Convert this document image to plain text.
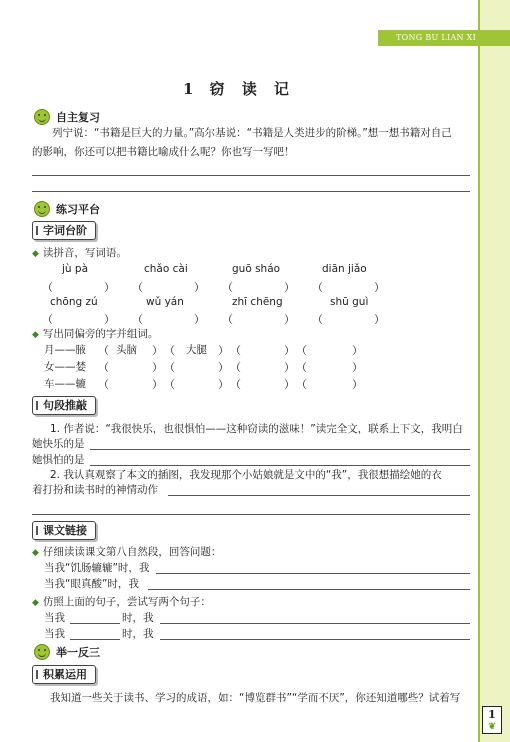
TONG BU LIAN XI
1
❦
1 窃 读 记
自主复习
列宁说：“书籍是巨大的力量。”高尔基说：“书籍是人类进步的阶梯。”想一想书籍对自己
的影响，你还可以把书籍比喻成什么呢？你也写一写吧！
练习平台
字词台阶
◆ 读拼音，写词语。
jù pà	chǎo cài	guō sháo	diān jiǎo
（	） （	） （	） （	）
chōng zú	wǔ yán	zhī chēng	shū guì
（	） （	） （	） （	）
◆ 写出同偏旁的字并组词。
月——腋 （ 头脑 ） （ 大腿 ） （	） （	）
女——婪 （	） （	） （	） （	）
车——辘 （	） （	） （	） （	）
句段推敲
1. 作者说：“我很快乐，也很惧怕——这种窃读的滋味！”读完全文，联系上下文，我明白
她快乐的是
她惧怕的是
2. 我认真观察了本文的插图，我发现那个小姑娘就是文中的“我”，我很想描绘她的衣
着打扮和读书时的神情动作
课文链接
◆ 仔细读读课文第八自然段，回答问题：
当我“饥肠辘辘”时，我
当我“眼真酸”时，我
◆ 仿照上面的句子，尝试写两个句子：
当我	时，我
当我	时，我
举一反三
积累运用
我知道一些关于读书、学习的成语，如：“博览群书”“学而不厌”，你还知道哪些？试着写
